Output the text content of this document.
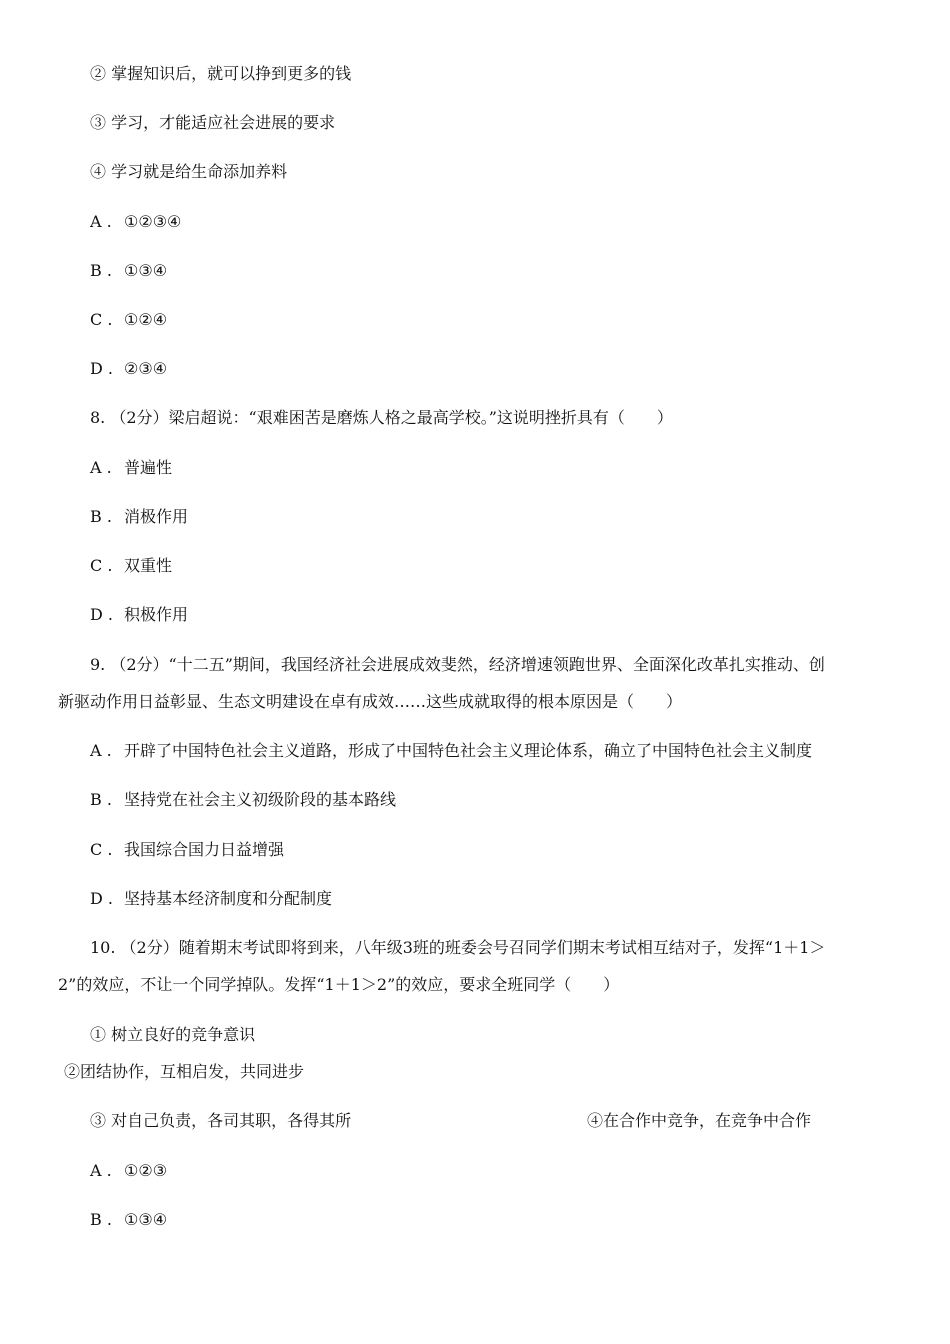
② 掌握知识后，就可以挣到更多的钱
③ 学习，才能适应社会进展的要求
④ 学习就是给生命添加养料
A . ①②③④
B . ①③④
C . ①②④
D . ②③④
8. （2分）梁启超说：“艰难困苦是磨炼人格之最高学校。”这说明挫折具有（　　）
A . 普遍性
B . 消极作用
C . 双重性
D . 积极作用
9. （2分）“十二五”期间，我国经济社会进展成效斐然，经济增速领跑世界、全面深化改革扎实推动、创
新驱动作用日益彰显、生态文明建设在卓有成效……这些成就取得的根本原因是（　　）
A . 开辟了中国特色社会主义道路，形成了中国特色社会主义理论体系，确立了中国特色社会主义制度
B . 坚持党在社会主义初级阶段的基本路线
C . 我国综合国力日益增强
D . 坚持基本经济制度和分配制度
10. （2分）随着期末考试即将到来，八年级3班的班委会号召同学们期末考试相互结对子，发挥“1＋1＞
2”的效应，不让一个同学掉队。发挥“1＋1＞2”的效应，要求全班同学（　　）
① 树立良好的竞争意识
②团结协作，互相启发，共同进步
③ 对自己负责，各司其职，各得其所	④在合作中竞争，在竞争中合作
A . ①②③
B . ①③④
